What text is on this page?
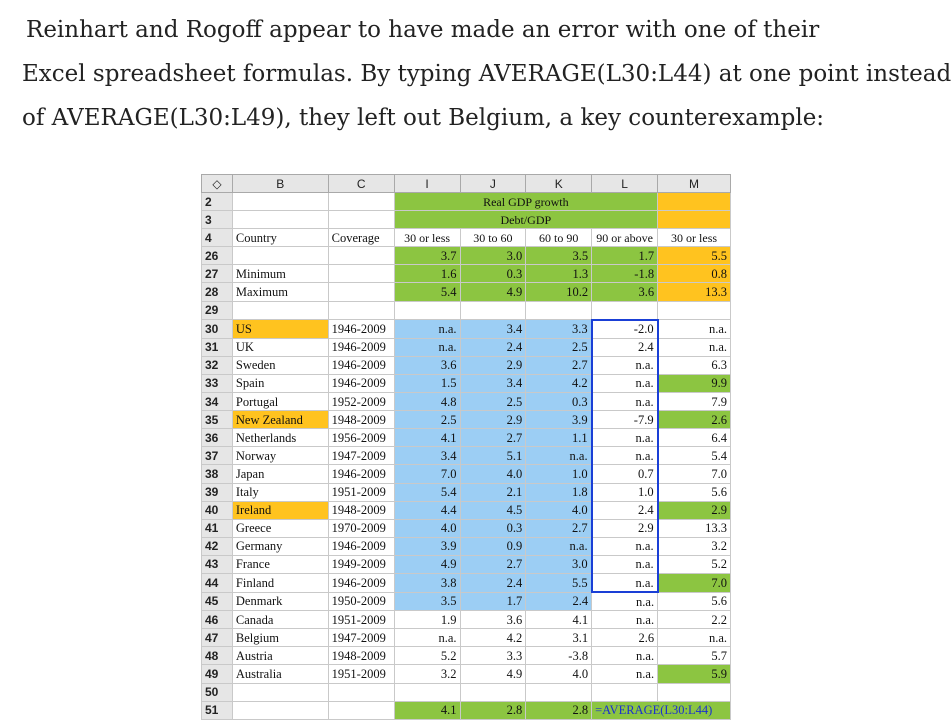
Reinhart and Rogoff appear to have made an error with one of their
Excel spreadsheet formulas. By typing AVERAGE(L30:L44) at one point instead
of AVERAGE(L30:L49), they left out Belgium, a key counterexample:
◇	B	C	I	J	K	L	M
2			Real GDP growth				
3			Debt/GDP				
4	Country	Coverage	30 or less	30 to 60	60 to 90	90 or above	30 or less
26			3.7	3.0	3.5	1.7	5.5
27	Minimum		1.6	0.3	1.3	-1.8	0.8
28	Maximum		5.4	4.9	10.2	3.6	13.3
29							
30	US	1946-2009	n.a.	3.4	3.3	-2.0	n.a.
31	UK	1946-2009	n.a.	2.4	2.5	2.4	n.a.
32	Sweden	1946-2009	3.6	2.9	2.7	n.a.	6.3
33	Spain	1946-2009	1.5	3.4	4.2	n.a.	9.9
34	Portugal	1952-2009	4.8	2.5	0.3	n.a.	7.9
35	New Zealand	1948-2009	2.5	2.9	3.9	-7.9	2.6
36	Netherlands	1956-2009	4.1	2.7	1.1	n.a.	6.4
37	Norway	1947-2009	3.4	5.1	n.a.	n.a.	5.4
38	Japan	1946-2009	7.0	4.0	1.0	0.7	7.0
39	Italy	1951-2009	5.4	2.1	1.8	1.0	5.6
40	Ireland	1948-2009	4.4	4.5	4.0	2.4	2.9
41	Greece	1970-2009	4.0	0.3	2.7	2.9	13.3
42	Germany	1946-2009	3.9	0.9	n.a.	n.a.	3.2
43	France	1949-2009	4.9	2.7	3.0	n.a.	5.2
44	Finland	1946-2009	3.8	2.4	5.5	n.a.	7.0
45	Denmark	1950-2009	3.5	1.7	2.4	n.a.	5.6
46	Canada	1951-2009	1.9	3.6	4.1	n.a.	2.2
47	Belgium	1947-2009	n.a.	4.2	3.1	2.6	n.a.
48	Austria	1948-2009	5.2	3.3	-3.8	n.a.	5.7
49	Australia	1951-2009	3.2	4.9	4.0	n.a.	5.9
50							
51			4.1	2.8	2.8	=AVERAGE(L30:L44)	
